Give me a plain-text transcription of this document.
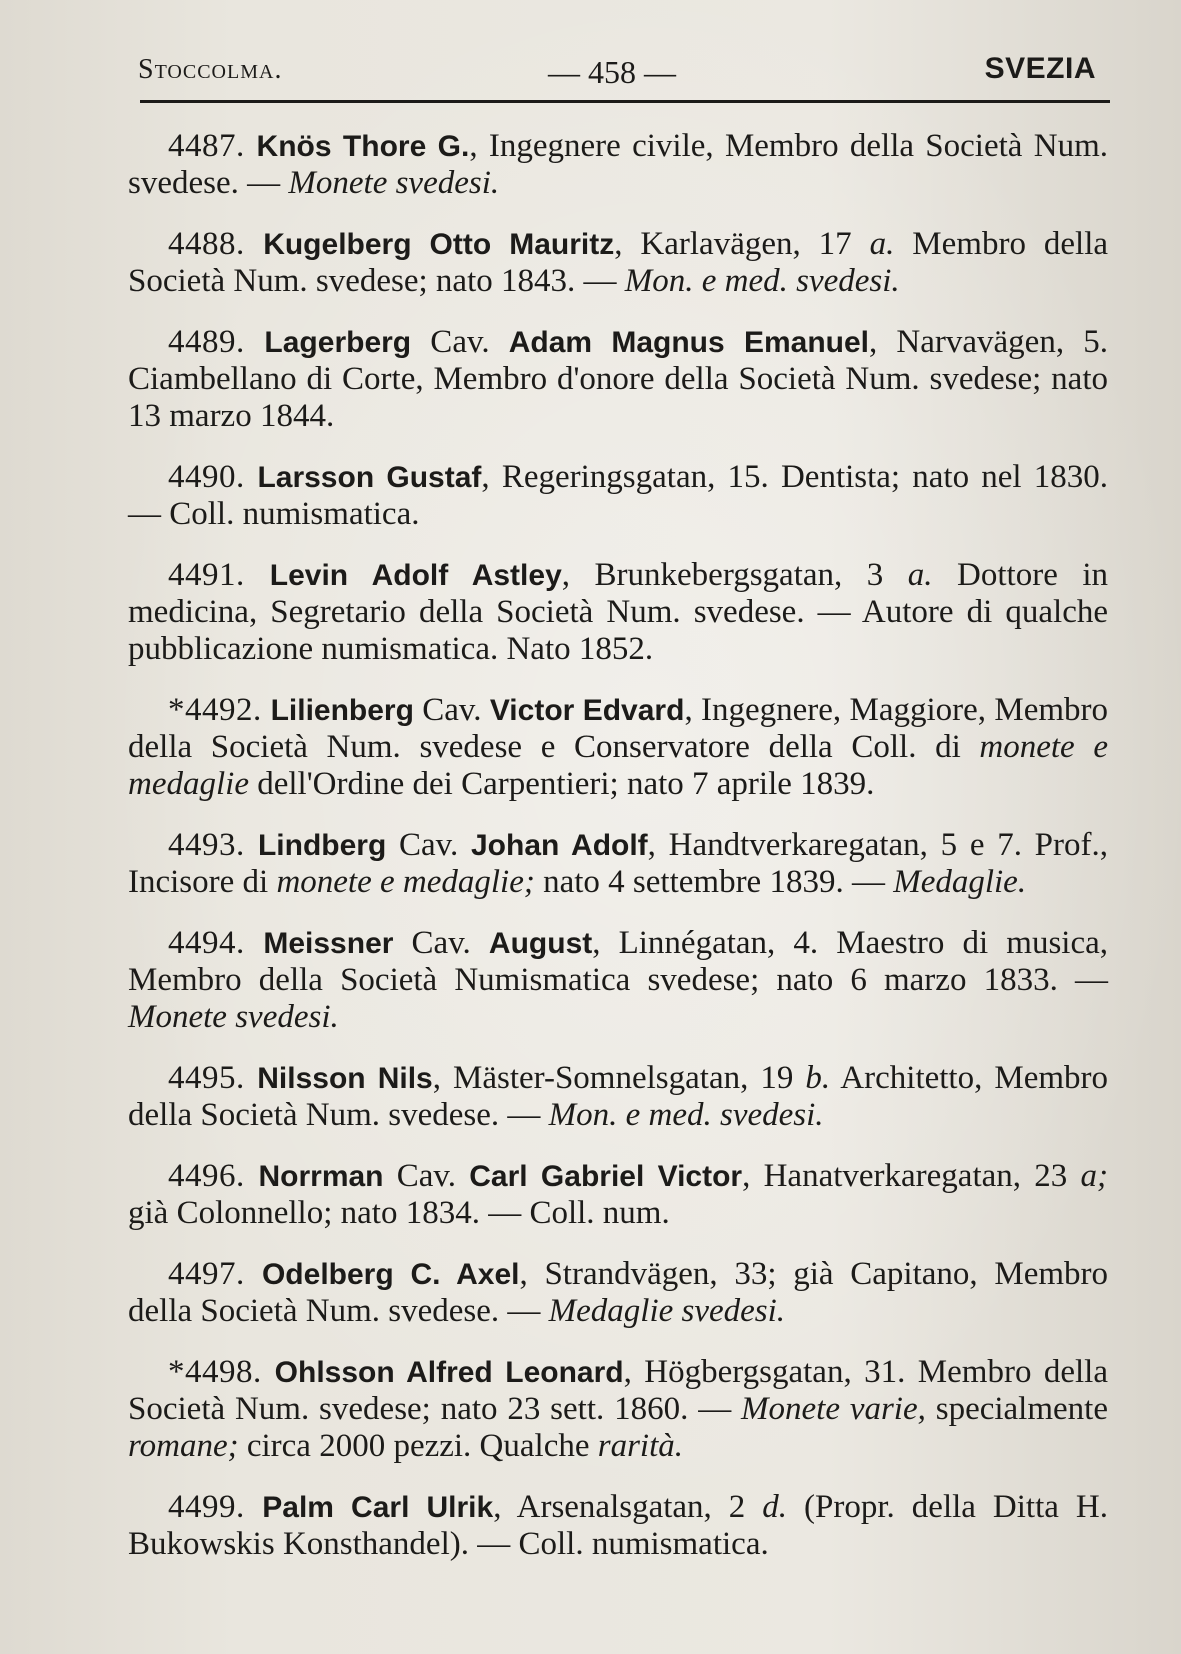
Stoccolma.	— 458 —	SVEZIA

4487. Knös Thore G., Ingegnere civile, Membro della Società Num. svedese. — Monete svedesi.

4488. Kugelberg Otto Mauritz, Karlavägen, 17 a. Membro della Società Num. svedese; nato 1843. — Mon. e med. svedesi.

4489. Lagerberg Cav. Adam Magnus Emanuel, Narvavägen, 5. Ciambellano di Corte, Membro d'onore della Società Num. svedese; nato 13 marzo 1844.

4490. Larsson Gustaf, Regeringsgatan, 15. Dentista; nato nel 1830. — Coll. numismatica.

4491. Levin Adolf Astley, Brunkebergsgatan, 3 a. Dottore in medicina, Segretario della Società Num. svedese. — Autore di qualche pubblicazione numismatica. Nato 1852.

*4492. Lilienberg Cav. Victor Edvard, Ingegnere, Maggiore, Membro della Società Num. svedese e Conservatore della Coll. di monete e medaglie dell'Ordine dei Carpentieri; nato 7 aprile 1839.

4493. Lindberg Cav. Johan Adolf, Handtverkaregatan, 5 e 7. Prof., Incisore di monete e medaglie; nato 4 settembre 1839. — Medaglie.

4494. Meissner Cav. August, Linnégatan, 4. Maestro di musica, Membro della Società Numismatica svedese; nato 6 marzo 1833. — Monete svedesi.

4495. Nilsson Nils, Mäster-Somnelsgatan, 19 b. Architetto, Membro della Società Num. svedese. — Mon. e med. svedesi.

4496. Norrman Cav. Carl Gabriel Victor, Hanatverkaregatan, 23 a; già Colonnello; nato 1834. — Coll. num.

4497. Odelberg C. Axel, Strandvägen, 33; già Capitano, Membro della Società Num. svedese. — Medaglie svedesi.

*4498. Ohlsson Alfred Leonard, Högbergsgatan, 31. Membro della Società Num. svedese; nato 23 sett. 1860. — Monete varie, specialmente romane; circa 2000 pezzi. Qualche rarità.

4499. Palm Carl Ulrik, Arsenalsgatan, 2 d. (Propr. della Ditta H. Bukowskis Konsthandel). — Coll. numismatica.
